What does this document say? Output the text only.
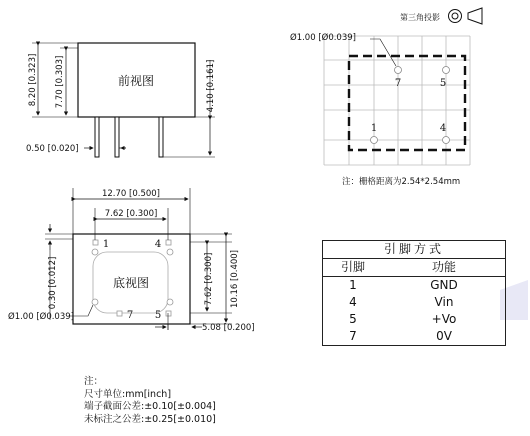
第三角投影
前视图
8.20 [0.323] 7.70 [0.303]	4.10 [0.161]
0.50 [0.020]
7	5
1	4
Ø1.00 [Ø0.039]
注：栅格距离为2.54*2.54mm
底视图
1	4
7 5
12.70 [0.500]
7.62 [0.300]
0.30 [0.012]	7.62 [0.300] 10.16 [0.400]
Ø1.00 [Ø0.039]
5.08 [0.200]
引脚方式	
引脚	功能
1	GND
4	Vin
5	+Vo
7	0V
注：
尺寸单位:mm[inch]
端子截面公差:±0.10[±0.004]
未标注之公差:±0.25[±0.010]
